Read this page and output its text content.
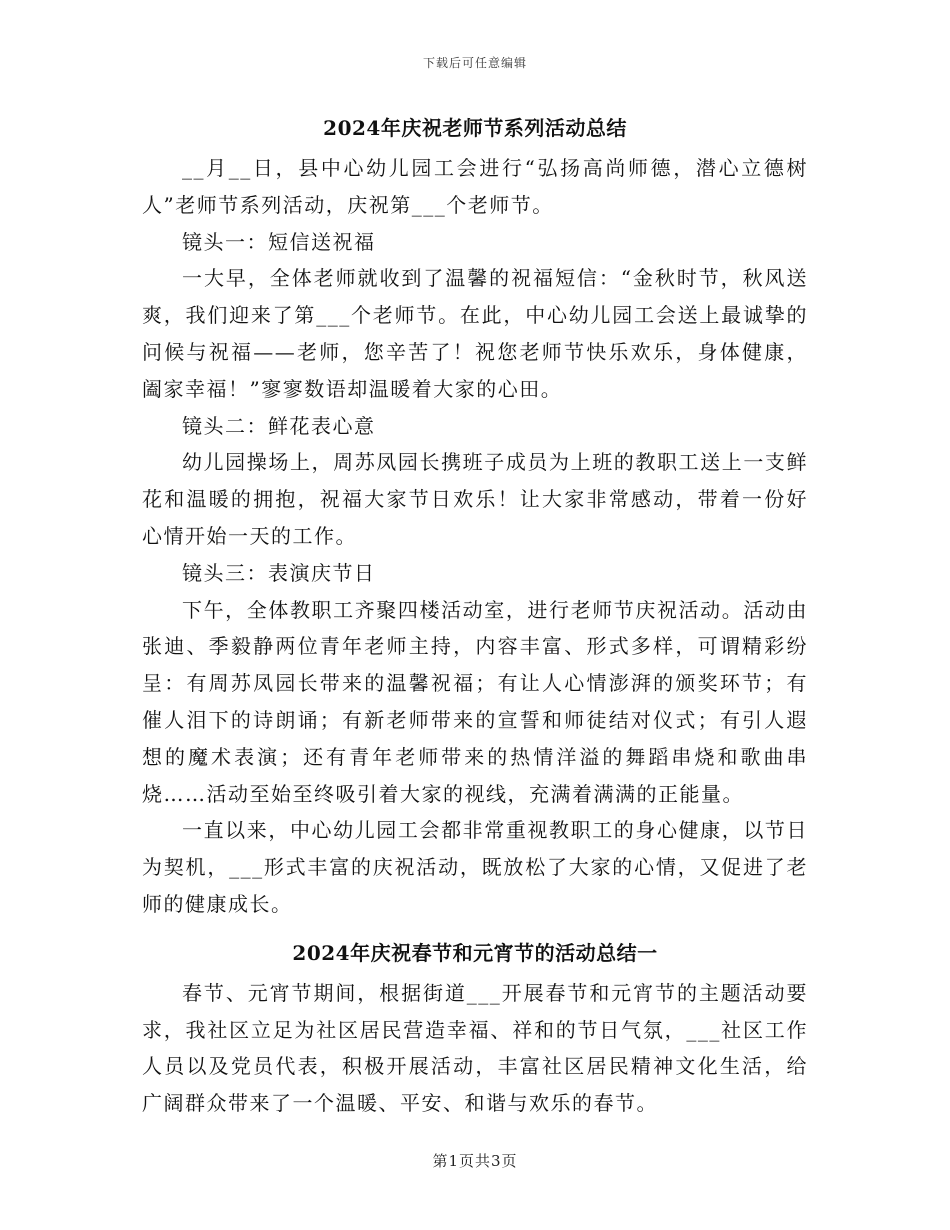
下载后可任意编辑
2024年庆祝老师节系列活动总结

__月__日，县中心幼儿园工会进行“弘扬高尚师德，潜心立德树人”老师节系列活动，庆祝第___个老师节。

镜头一：短信送祝福

一大早，全体老师就收到了温馨的祝福短信：“金秋时节，秋风送爽，我们迎来了第___个老师节。在此，中心幼儿园工会送上最诚挚的问候与祝福——老师，您辛苦了！祝您老师节快乐欢乐，身体健康，阖家幸福！”寥寥数语却温暖着大家的心田。

镜头二：鲜花表心意

幼儿园操场上，周苏凤园长携班子成员为上班的教职工送上一支鲜花和温暖的拥抱，祝福大家节日欢乐！让大家非常感动，带着一份好心情开始一天的工作。

镜头三：表演庆节日

下午，全体教职工齐聚四楼活动室，进行老师节庆祝活动。活动由张迪、季毅静两位青年老师主持，内容丰富、形式多样，可谓精彩纷呈：有周苏凤园长带来的温馨祝福；有让人心情澎湃的颁奖环节；有催人泪下的诗朗诵；有新老师带来的宣誓和师徒结对仪式；有引人遐想的魔术表演；还有青年老师带来的热情洋溢的舞蹈串烧和歌曲串烧……活动至始至终吸引着大家的视线，充满着满满的正能量。

一直以来，中心幼儿园工会都非常重视教职工的身心健康，以节日为契机，___形式丰富的庆祝活动，既放松了大家的心情，又促进了老师的健康成长。

2024年庆祝春节和元宵节的活动总结一

春节、元宵节期间，根据街道___开展春节和元宵节的主题活动要求，我社区立足为社区居民营造幸福、祥和的节日气氛，___社区工作人员以及党员代表，积极开展活动，丰富社区居民精神文化生活，给广阔群众带来了一个温暖、平安、和谐与欢乐的春节。

第1页共3页
